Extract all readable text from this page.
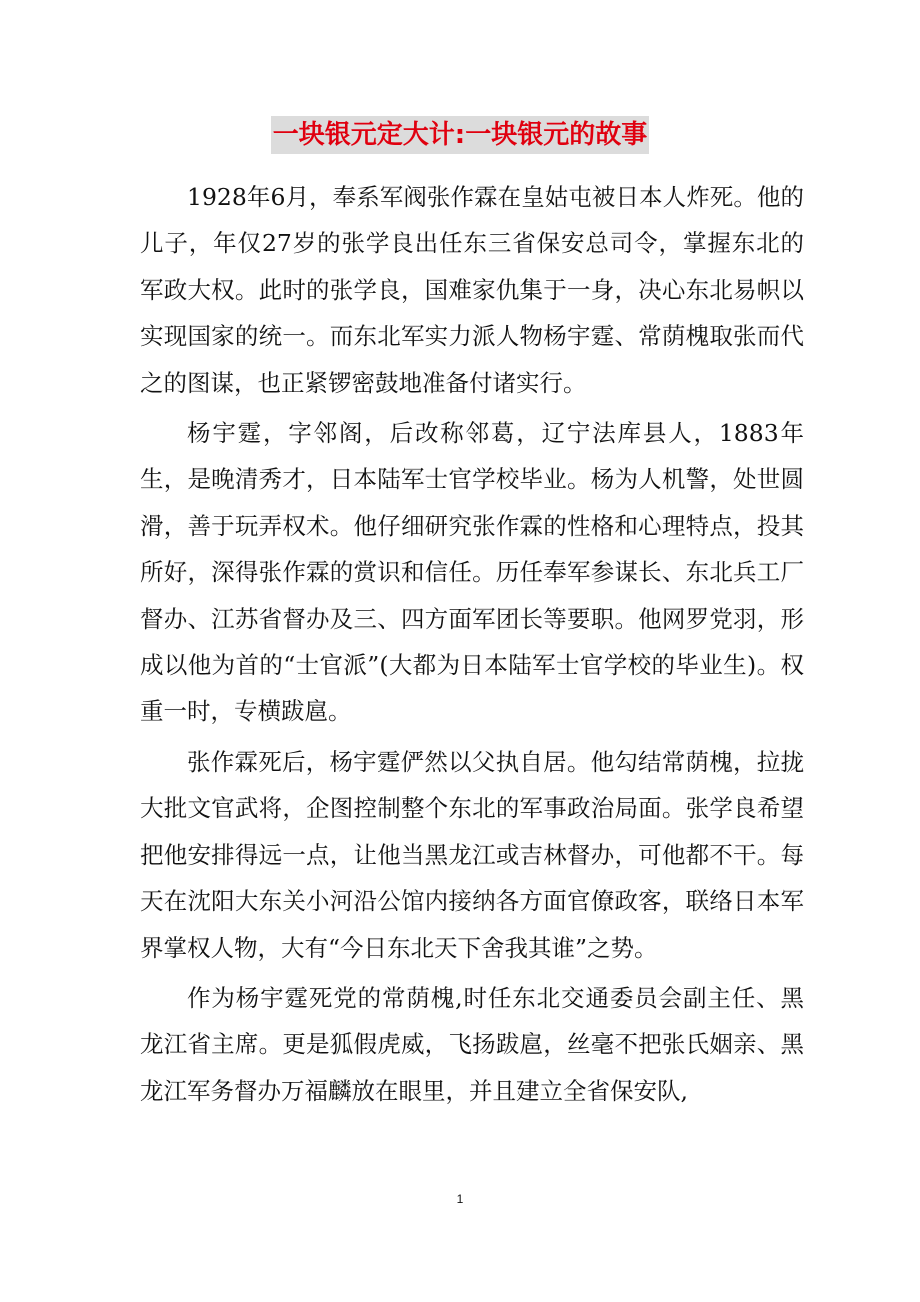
一块银元定大计:一块银元的故事

1928年6月，奉系军阀张作霖在皇姑屯被日本人炸死。他的儿子，年仅27岁的张学良出任东三省保安总司令，掌握东北的军政大权。此时的张学良，国难家仇集于一身，决心东北易帜以实现国家的统一。而东北军实力派人物杨宇霆、常荫槐取张而代之的图谋，也正紧锣密鼓地准备付诸实行。

杨宇霆，字邻阁，后改称邻葛，辽宁法库县人，1883年生，是晚清秀才，日本陆军士官学校毕业。杨为人机警，处世圆滑，善于玩弄权术。他仔细研究张作霖的性格和心理特点，投其所好，深得张作霖的赏识和信任。历任奉军参谋长、东北兵工厂督办、江苏省督办及三、四方面军团长等要职。他网罗党羽，形成以他为首的“士官派”(大都为日本陆军士官学校的毕业生)。权重一时，专横跋扈。

张作霖死后，杨宇霆俨然以父执自居。他勾结常荫槐，拉拢大批文官武将，企图控制整个东北的军事政治局面。张学良希望把他安排得远一点，让他当黑龙江或吉林督办，可他都不干。每天在沈阳大东关小河沿公馆内接纳各方面官僚政客，联络日本军界掌权人物，大有“今日东北天下舍我其谁”之势。

作为杨宇霆死党的常荫槐,时任东北交通委员会副主任、黑龙江省主席。更是狐假虎威，飞扬跋扈，丝毫不把张氏姻亲、黑龙江军务督办万福麟放在眼里，并且建立全省保安队,

1
